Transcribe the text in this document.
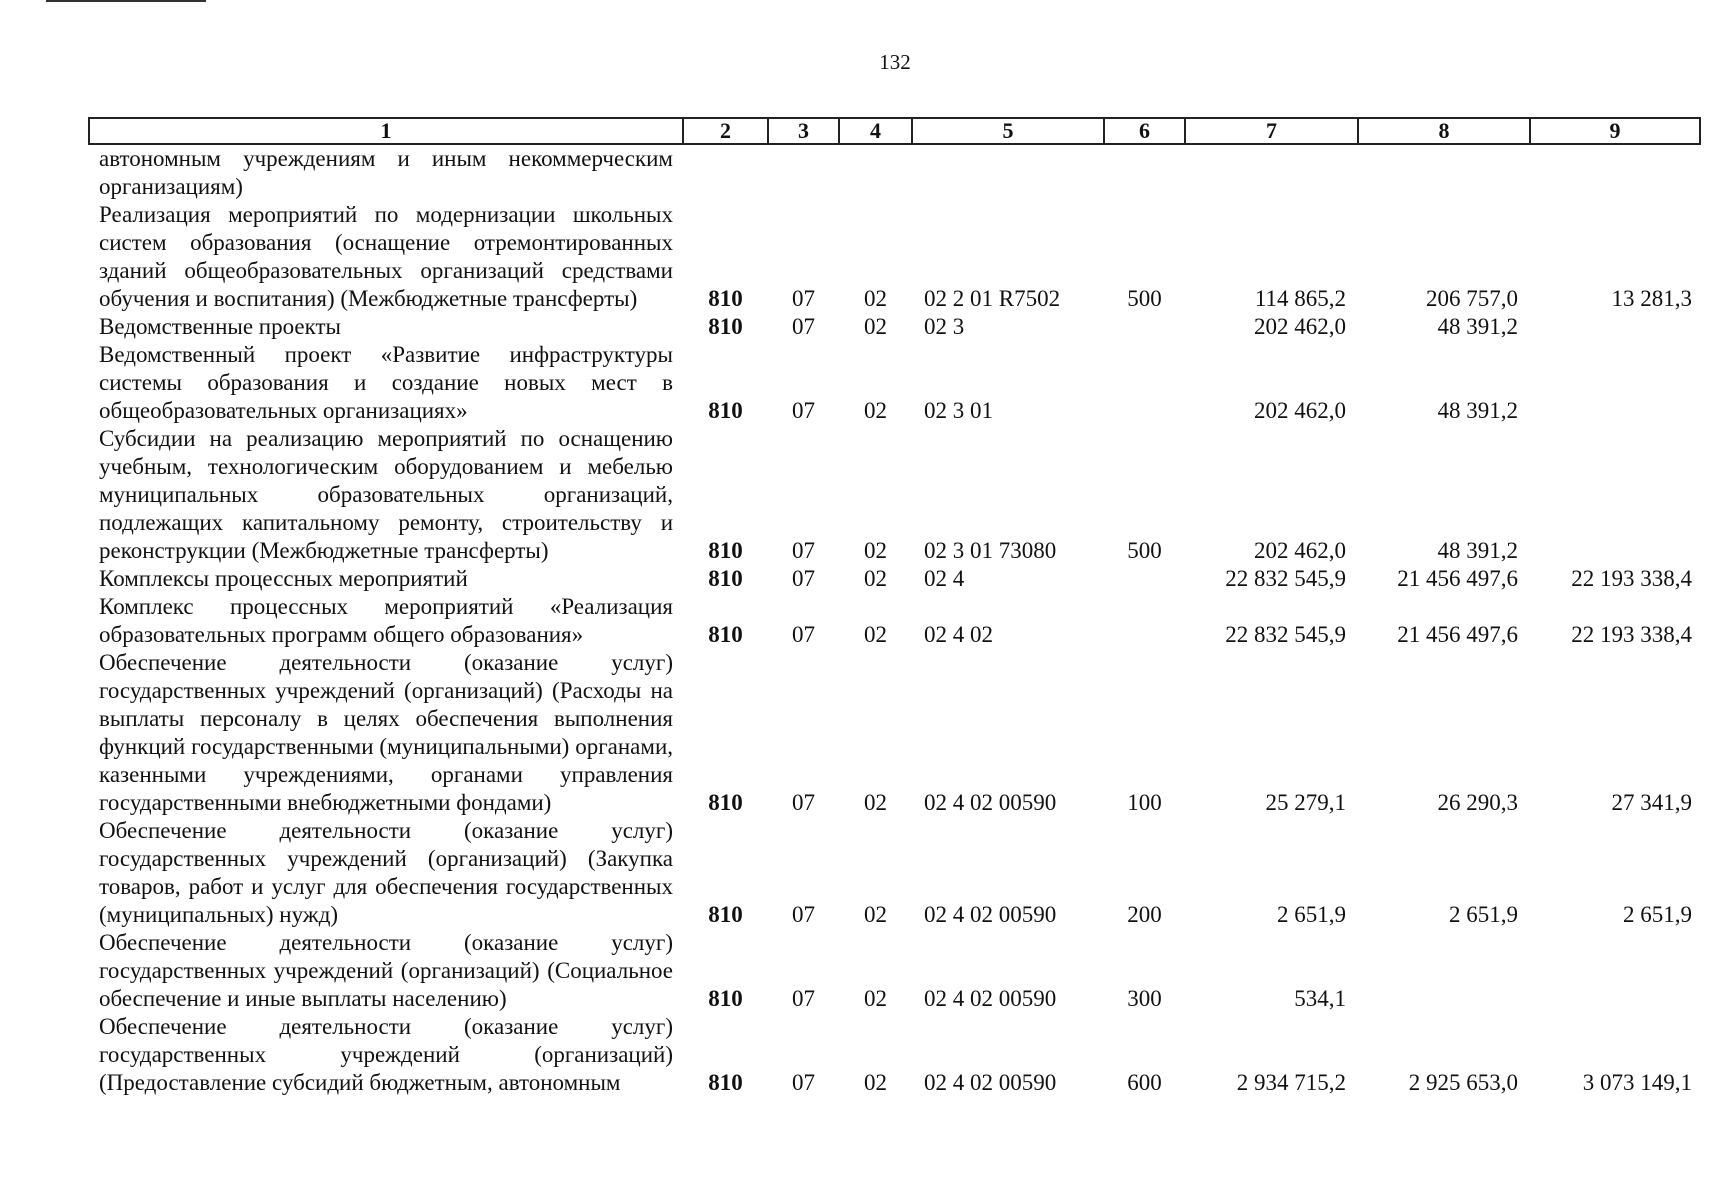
132
1	2	3	4	5	6	7	8	9
автономным учреждениям и иным некоммерческим организациям)								
Реализация мероприятий по модернизации школьных систем образования (оснащение отремонтированных зданий общеобразовательных организаций средствами обучения и воспитания) (Межбюджетные трансферты)	810	07	02	02 2 01 R7502	500	114 865,2	206 757,0	13 281,3
Ведомственные проекты	810	07	02	02 3		202 462,0	48 391,2	
Ведомственный проект «Развитие инфраструктуры системы образования и создание новых мест в общеобразовательных организациях»	810	07	02	02 3 01		202 462,0	48 391,2	
Субсидии на реализацию мероприятий по оснащению учебным, технологическим оборудованием и мебелью муниципальных образовательных организаций, подлежащих капитальному ремонту, строительству и реконструкции (Межбюджетные трансферты)	810	07	02	02 3 01 73080	500	202 462,0	48 391,2	
Комплексы процессных мероприятий	810	07	02	02 4		22 832 545,9	21 456 497,6	22 193 338,4
Комплекс процессных мероприятий «Реализация образовательных программ общего образования»	810	07	02	02 4 02		22 832 545,9	21 456 497,6	22 193 338,4
Обеспечение деятельности (оказание услуг) государственных учреждений (организаций) (Расходы на выплаты персоналу в целях обеспечения выполнения функций государственными (муниципальными) органами, казенными учреждениями, органами управления государственными внебюджетными фондами)	810	07	02	02 4 02 00590	100	25 279,1	26 290,3	27 341,9
Обеспечение деятельности (оказание услуг) государственных учреждений (организаций) (Закупка товаров, работ и услуг для обеспечения государственных (муниципальных) нужд)	810	07	02	02 4 02 00590	200	2 651,9	2 651,9	2 651,9
Обеспечение деятельности (оказание услуг) государственных учреждений (организаций) (Социальное обеспечение и иные выплаты населению)	810	07	02	02 4 02 00590	300	534,1		
Обеспечение деятельности (оказание услуг) государственных учреждений (организаций) (Предоставление субсидий бюджетным, автономным	810	07	02	02 4 02 00590	600	2 934 715,2	2 925 653,0	3 073 149,1
